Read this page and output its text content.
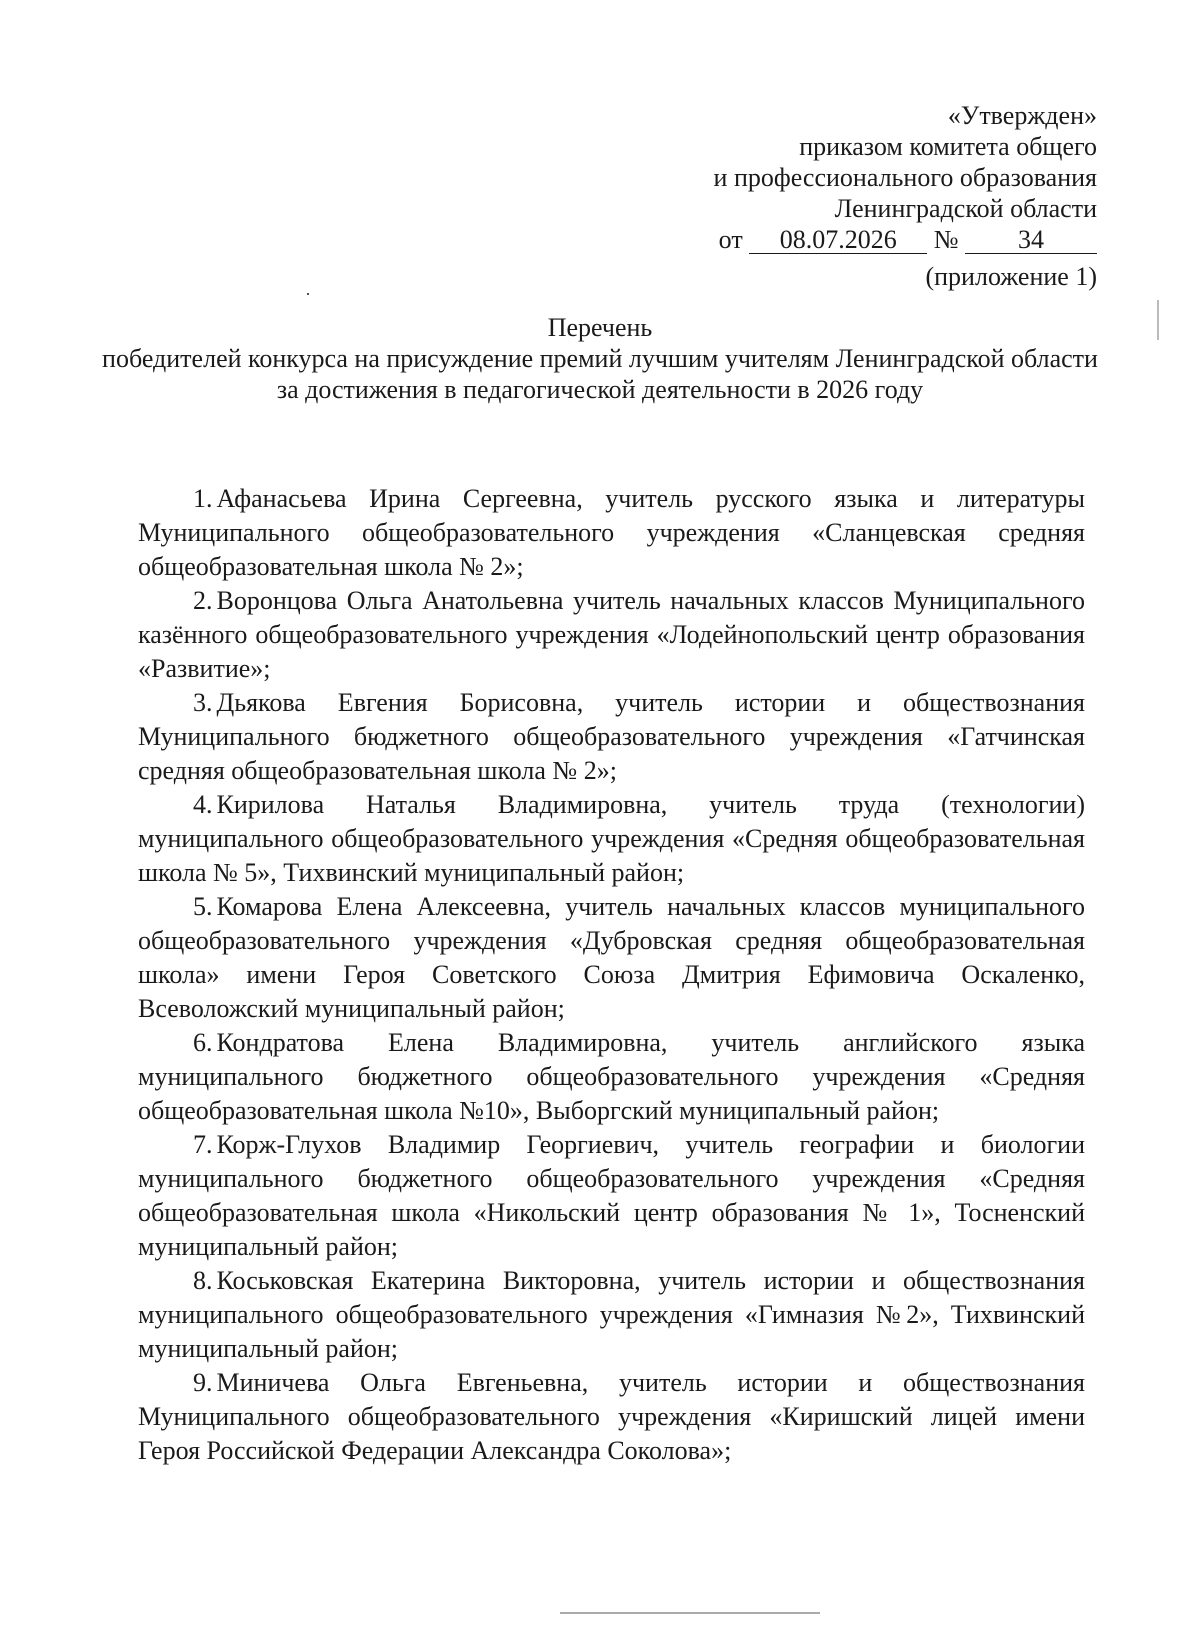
«Утвержден»
приказом комитета общего
и профессионального образования
Ленинградской области
от 08.07.2026 № 34
(приложение 1)
Перечень
победителей конкурса на присуждение премий лучшим учителям Ленинградской области за достижения в педагогической деятельности в 2026 году

1. Афанасьева Ирина Сергеевна, учитель русского языка и литературы Муниципального общеобразовательного учреждения «Сланцевская средняя общеобразовательная школа № 2»;

2. Воронцова Ольга Анатольевна учитель начальных классов Муниципального казённого общеобразовательного учреждения «Лодейнопольский центр образования «Развитие»;

3. Дьякова Евгения Борисовна, учитель истории и обществознания Муниципального бюджетного общеобразовательного учреждения «Гатчинская средняя общеобразовательная школа № 2»;

4. Кирилова Наталья Владимировна, учитель труда (технологии) муниципального общеобразовательного учреждения «Средняя общеобразовательная школа № 5», Тихвинский муниципальный район;

5. Комарова Елена Алексеевна, учитель начальных классов муниципального общеобразовательного учреждения «Дубровская средняя общеобразовательная школа» имени Героя Советского Союза Дмитрия Ефимовича Оскаленко, Всеволожский муниципальный район;

6. Кондратова Елена Владимировна, учитель английского языка муниципального бюджетного общеобразовательного учреждения «Средняя общеобразовательная школа №10», Выборгский муниципальный район;

7. Корж-Глухов Владимир Георгиевич, учитель географии и биологии муниципального бюджетного общеобразовательного учреждения «Средняя общеобразовательная школа «Никольский центр образования № 1», Тосненский муниципальный район;

8. Коськовская Екатерина Викторовна, учитель истории и обществознания муниципального общеобразовательного учреждения «Гимназия №2», Тихвинский муниципальный район;

9. Миничева Ольга Евгеньевна, учитель истории и обществознания Муниципального общеобразовательного учреждения «Киришский лицей имени Героя Российской Федерации Александра Соколова»;
